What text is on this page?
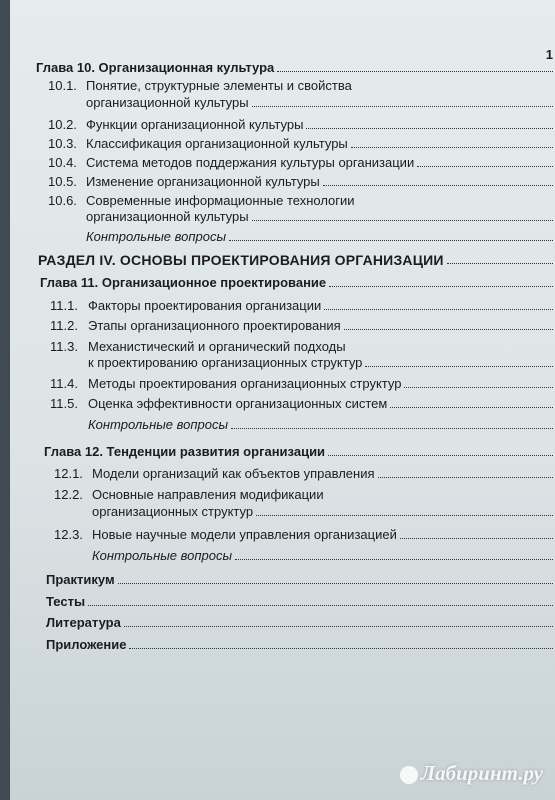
1
Глава 10. Организационная культура
10.1. Понятие, структурные элементы и свойства
организационной культуры
10.2. Функции организационной культуры
10.3. Классификация организационной культуры
10.4. Система методов поддержания культуры организации
10.5. Изменение организационной культуры
10.6. Современные информационные технологии
организационной культуры
Контрольные вопросы
РАЗДЕЛ IV. ОСНОВЫ ПРОЕКТИРОВАНИЯ ОРГАНИЗАЦИИ
Глава 11. Организационное проектирование
11.1. Факторы проектирования организации
11.2. Этапы организационного проектирования
11.3. Механистический и органический подходы
к проектированию организационных структур
11.4. Методы проектирования организационных структур
11.5. Оценка эффективности организационных систем
Контрольные вопросы
Глава 12. Тенденции развития организации
12.1. Модели организаций как объектов управления
12.2. Основные направления модификации
организационных структур
12.3. Новые научные модели управления организацией
Контрольные вопросы
Практикум
Тесты
Литература
Приложение
Лабиринт.ру
